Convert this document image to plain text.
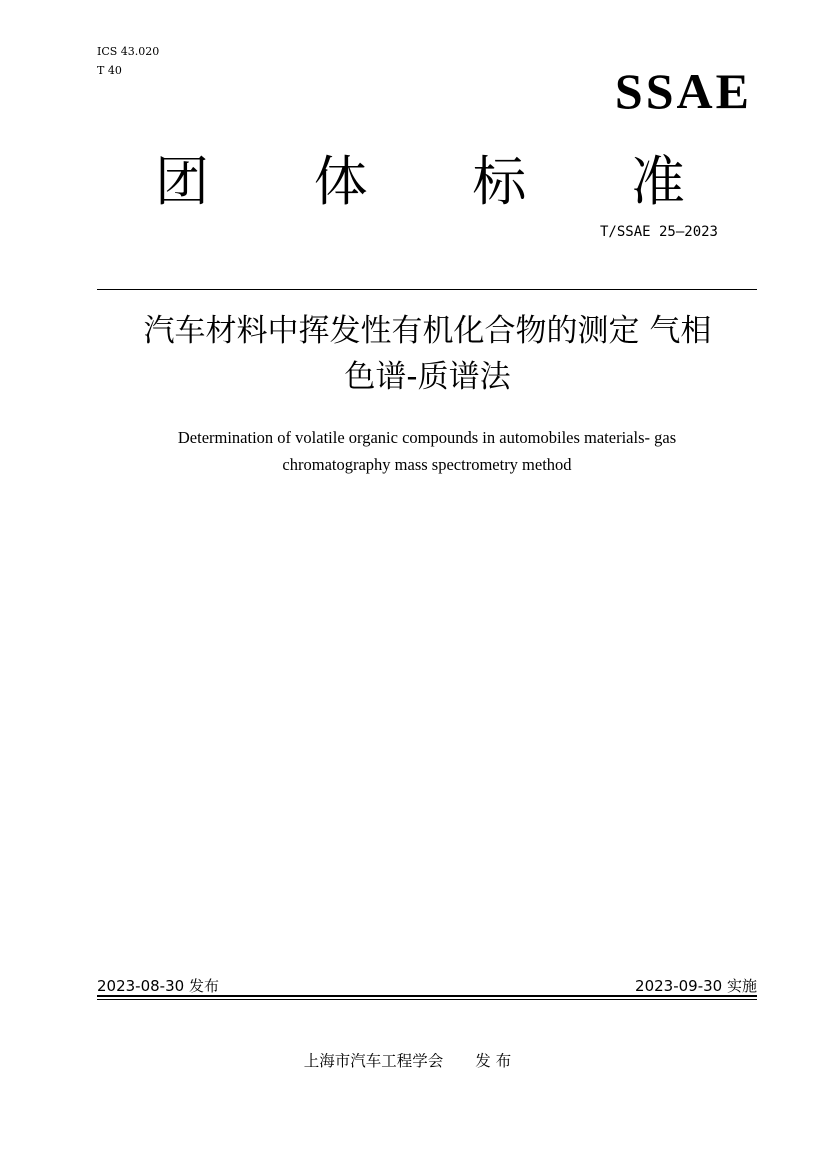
ICS 43.020
T 40	SSAE
团 体 标 准
T/SSAE 25—2023
汽车材料中挥发性有机化合物的测定 气相
色谱-质谱法
Determination of volatile organic compounds in automobiles materials- gas
chromatography mass spectrometry method
2023-08-30 发布	2023-09-30 实施
上海市汽车工程学会 发 布
